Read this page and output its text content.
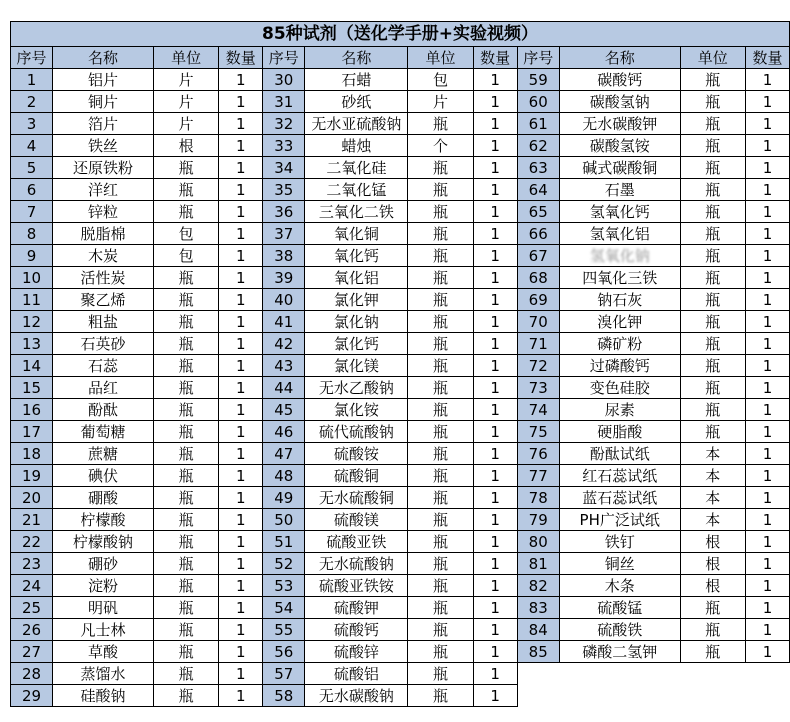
85种试剂（送化学手册+实验视频）											
序号	名称	单位	数量	序号	名称	单位	数量	序号	名称	单位	数量
1	铝片	片	1	30	石蜡	包	1	59	碳酸钙	瓶	1
2	铜片	片	1	31	砂纸	片	1	60	碳酸氢钠	瓶	1
3	箔片	片	1	32	无水亚硫酸钠	瓶	1	61	无水碳酸钾	瓶	1
4	铁丝	根	1	33	蜡烛	个	1	62	碳酸氢铵	瓶	1
5	还原铁粉	瓶	1	34	二氧化硅	瓶	1	63	碱式碳酸铜	瓶	1
6	洋红	瓶	1	35	二氧化锰	瓶	1	64	石墨	瓶	1
7	锌粒	瓶	1	36	三氧化二铁	瓶	1	65	氢氧化钙	瓶	1
8	脱脂棉	包	1	37	氧化铜	瓶	1	66	氢氧化铝	瓶	1
9	木炭	包	1	38	氧化钙	瓶	1	67	氢氧化钠	瓶	1
10	活性炭	瓶	1	39	氧化铝	瓶	1	68	四氧化三铁	瓶	1
11	聚乙烯	瓶	1	40	氯化钾	瓶	1	69	钠石灰	瓶	1
12	粗盐	瓶	1	41	氯化钠	瓶	1	70	溴化钾	瓶	1
13	石英砂	瓶	1	42	氯化钙	瓶	1	71	磷矿粉	瓶	1
14	石蕊	瓶	1	43	氯化镁	瓶	1	72	过磷酸钙	瓶	1
15	品红	瓶	1	44	无水乙酸钠	瓶	1	73	变色硅胶	瓶	1
16	酚酞	瓶	1	45	氯化铵	瓶	1	74	尿素	瓶	1
17	葡萄糖	瓶	1	46	硫代硫酸钠	瓶	1	75	硬脂酸	瓶	1
18	蔗糖	瓶	1	47	硫酸铵	瓶	1	76	酚酞试纸	本	1
19	碘伏	瓶	1	48	硫酸铜	瓶	1	77	红石蕊试纸	本	1
20	硼酸	瓶	1	49	无水硫酸铜	瓶	1	78	蓝石蕊试纸	本	1
21	柠檬酸	瓶	1	50	硫酸镁	瓶	1	79	PH广泛试纸	本	1
22	柠檬酸钠	瓶	1	51	硫酸亚铁	瓶	1	80	铁钉	根	1
23	硼砂	瓶	1	52	无水硫酸钠	瓶	1	81	铜丝	根	1
24	淀粉	瓶	1	53	硫酸亚铁铵	瓶	1	82	木条	根	1
25	明矾	瓶	1	54	硫酸钾	瓶	1	83	硫酸锰	瓶	1
26	凡士林	瓶	1	55	硫酸钙	瓶	1	84	硫酸铁	瓶	1
27	草酸	瓶	1	56	硫酸锌	瓶	1	85	磷酸二氢钾	瓶	1
28	蒸馏水	瓶	1	57	硫酸铝	瓶	1				
29	硅酸钠	瓶	1	58	无水碳酸钠	瓶	1				
